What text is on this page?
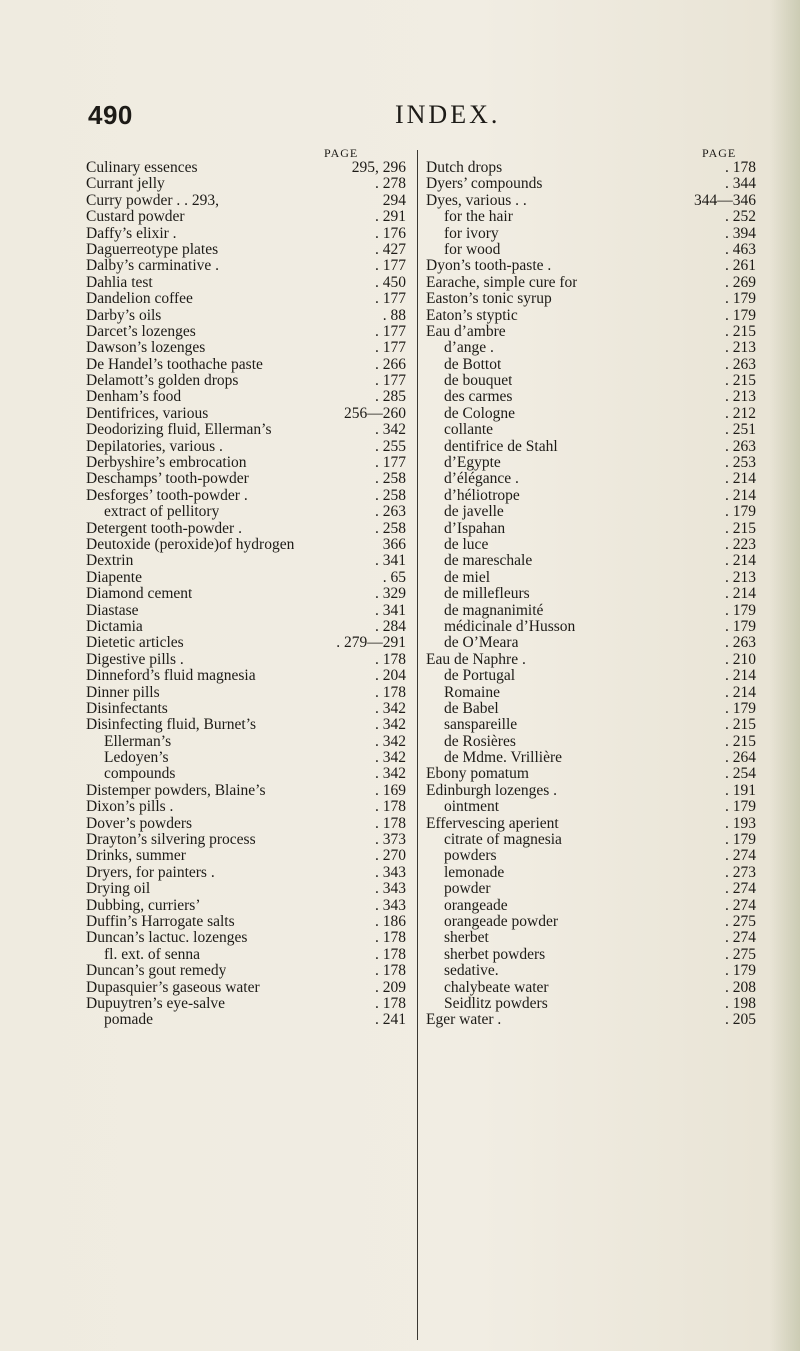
490	INDEX.
PAGE
Culinary essences	295, 296
Currant jelly	. 278
Curry powder . . 293,	294
Custard powder	. 291
Daffy’s elixir .	. 176
Daguerreotype plates	. 427
Dalby’s carminative .	. 177
Dahlia test	. 450
Dandelion coffee	. 177
Darby’s oils	. 88
Darcet’s lozenges	. 177
Dawson’s lozenges	. 177
De Handel’s toothache paste	. 266
Delamott’s golden drops	. 177
Denham’s food	. 285
Dentifrices, various	256—260
Deodorizing fluid, Ellerman’s	. 342
Depilatories, various .	. 255
Derbyshire’s embrocation	. 177
Deschamps’ tooth-powder	. 258
Desforges’ tooth-powder .	. 258
extract of pellitory	. 263
Detergent tooth-powder .	. 258
Deutoxide (peroxide)of hydrogen	366
Dextrin	. 341
Diapente	. 65
Diamond cement	. 329
Diastase	. 341
Dictamia	. 284
Dietetic articles	. 279—291
Digestive pills .	. 178
Dinneford’s fluid magnesia	. 204
Dinner pills	. 178
Disinfectants	. 342
Disinfecting fluid, Burnet’s	. 342
Ellerman’s	. 342
Ledoyen’s	. 342
compounds	. 342
Distemper powders, Blaine’s	. 169
Dixon’s pills .	. 178
Dover’s powders	. 178
Drayton’s silvering process	. 373
Drinks, summer	. 270
Dryers, for painters .	. 343
Drying oil	. 343
Dubbing, curriers’	. 343
Duffin’s Harrogate salts	. 186
Duncan’s lactuc. lozenges	. 178
fl. ext. of senna	. 178
Duncan’s gout remedy	. 178
Dupasquier’s gaseous water	. 209
Dupuytren’s eye-salve	. 178
pomade	. 241
PAGE
Dutch drops	. 178
Dyers’ compounds	. 344
Dyes, various . .	344—346
for the hair	. 252
for ivory	. 394
for wood	. 463
Dyon’s tooth-paste .	. 261
Earache, simple cure for	. 269
Easton’s tonic syrup	. 179
Eaton’s styptic	. 179
Eau d’ambre	. 215
d’ange .	. 213
de Bottot	. 263
de bouquet	. 215
des carmes	. 213
de Cologne	. 212
collante	. 251
dentifrice de Stahl	. 263
d’Egypte	. 253
d’élégance .	. 214
d’héliotrope	. 214
de javelle	. 179
d’Ispahan	. 215
de luce	. 223
de mareschale	. 214
de miel	. 213
de millefleurs	. 214
de magnanimité	. 179
médicinale d’Husson	. 179
de O’Meara	. 263
Eau de Naphre .	. 210
de Portugal	. 214
Romaine	. 214
de Babel	. 179
sanspareille	. 215
de Rosières	. 215
de Mdme. Vrillière	. 264
Ebony pomatum	. 254
Edinburgh lozenges .	. 191
ointment	. 179
Effervescing aperient	. 193
citrate of magnesia	. 179
powders	. 274
lemonade	. 273
powder	. 274
orangeade	. 274
orangeade powder	. 275
sherbet	. 274
sherbet powders	. 275
sedative.	. 179
chalybeate water	. 208
Seidlitz powders	. 198
Eger water .	. 205
